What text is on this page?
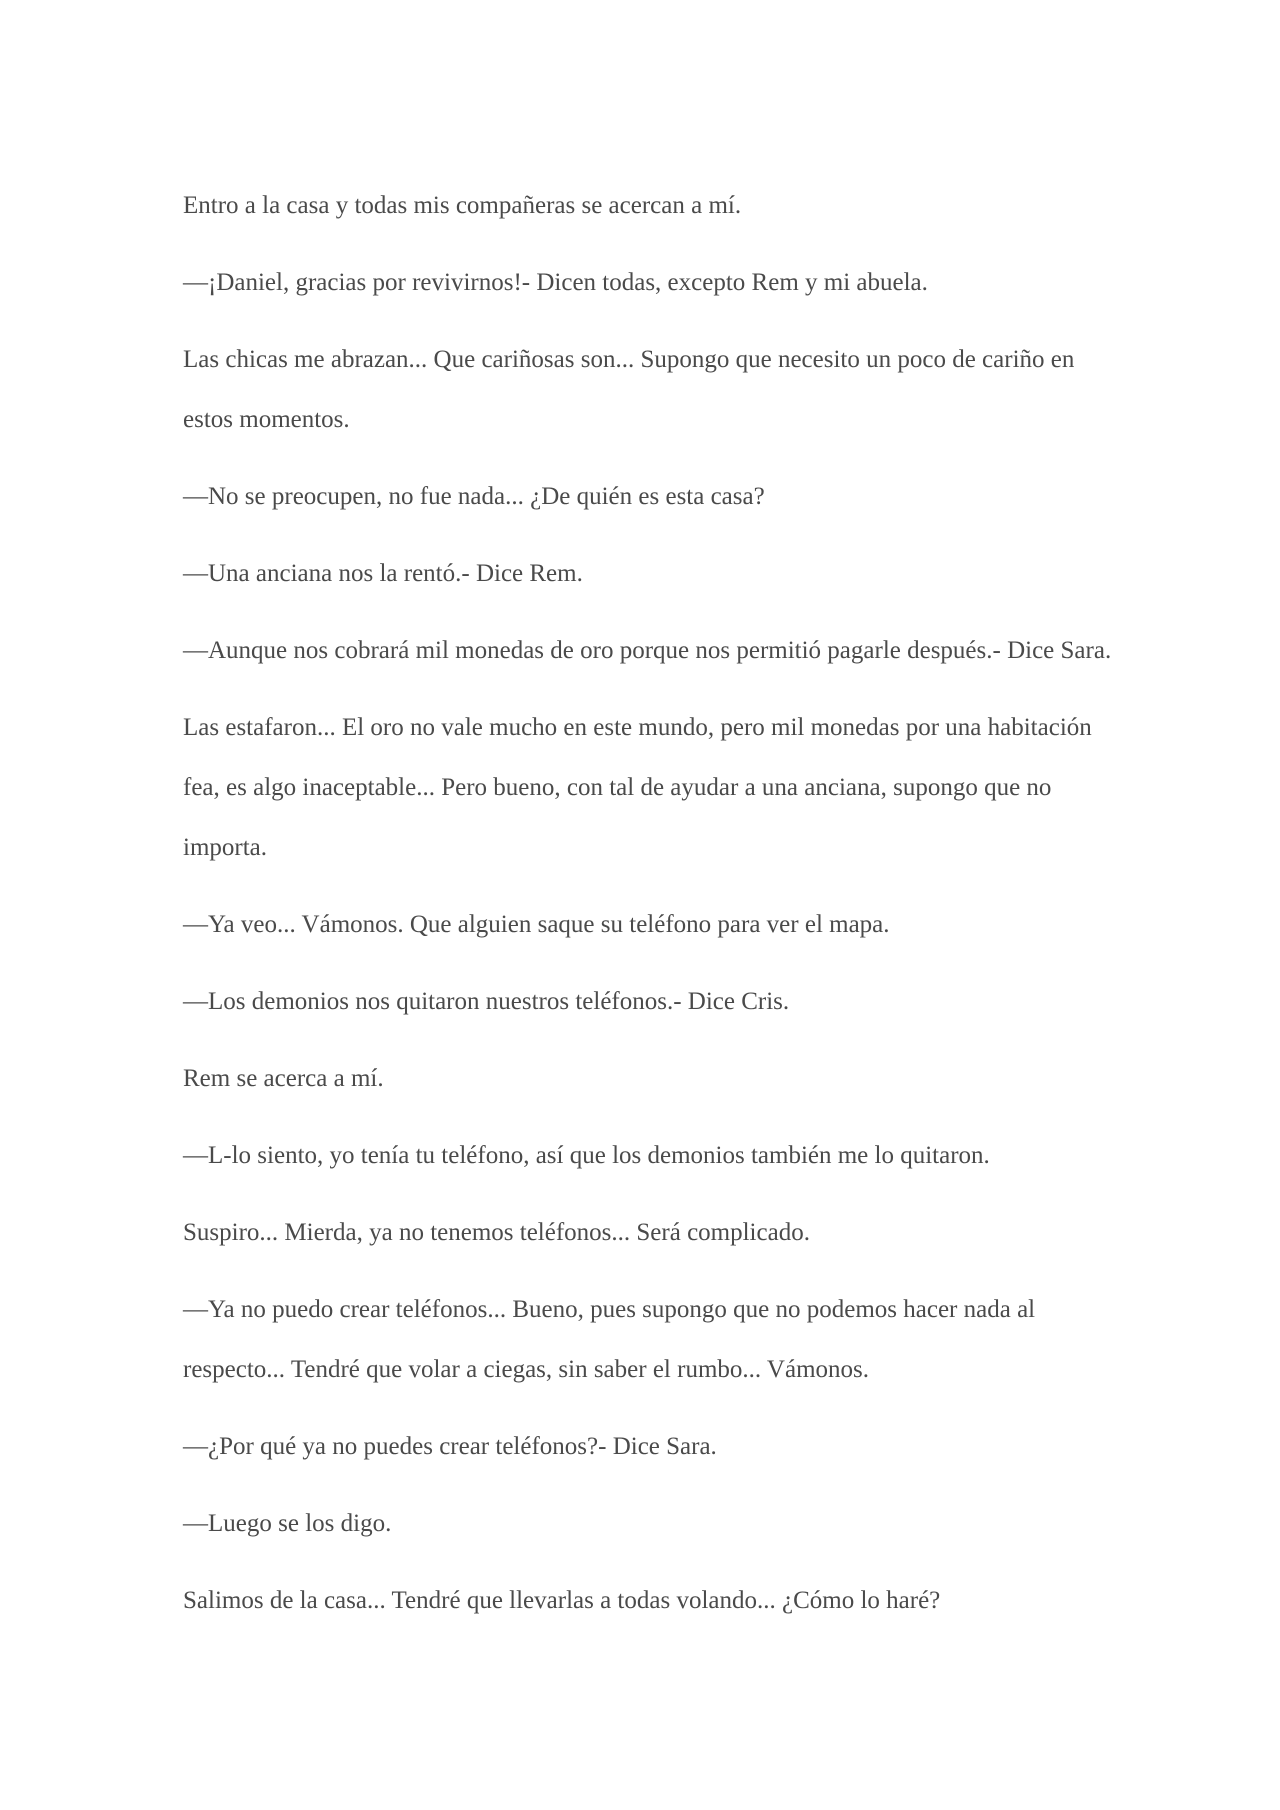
Entro a la casa y todas mis compañeras se acercan a mí.

—¡Daniel, gracias por revivirnos!- Dicen todas, excepto Rem y mi abuela.

Las chicas me abrazan... Que cariñosas son... Supongo que necesito un poco de cariño en estos momentos.

—No se preocupen, no fue nada... ¿De quién es esta casa?

—Una anciana nos la rentó.- Dice Rem.

—Aunque nos cobrará mil monedas de oro porque nos permitió pagarle después.- Dice Sara.

Las estafaron... El oro no vale mucho en este mundo, pero mil monedas por una habitación fea, es algo inaceptable... Pero bueno, con tal de ayudar a una anciana, supongo que no importa.

—Ya veo... Vámonos. Que alguien saque su teléfono para ver el mapa.

—Los demonios nos quitaron nuestros teléfonos.- Dice Cris.

Rem se acerca a mí.

—L-lo siento, yo tenía tu teléfono, así que los demonios también me lo quitaron.

Suspiro... Mierda, ya no tenemos teléfonos... Será complicado.

—Ya no puedo crear teléfonos... Bueno, pues supongo que no podemos hacer nada al respecto... Tendré que volar a ciegas, sin saber el rumbo... Vámonos.

—¿Por qué ya no puedes crear teléfonos?- Dice Sara.

—Luego se los digo.

Salimos de la casa... Tendré que llevarlas a todas volando... ¿Cómo lo haré?
